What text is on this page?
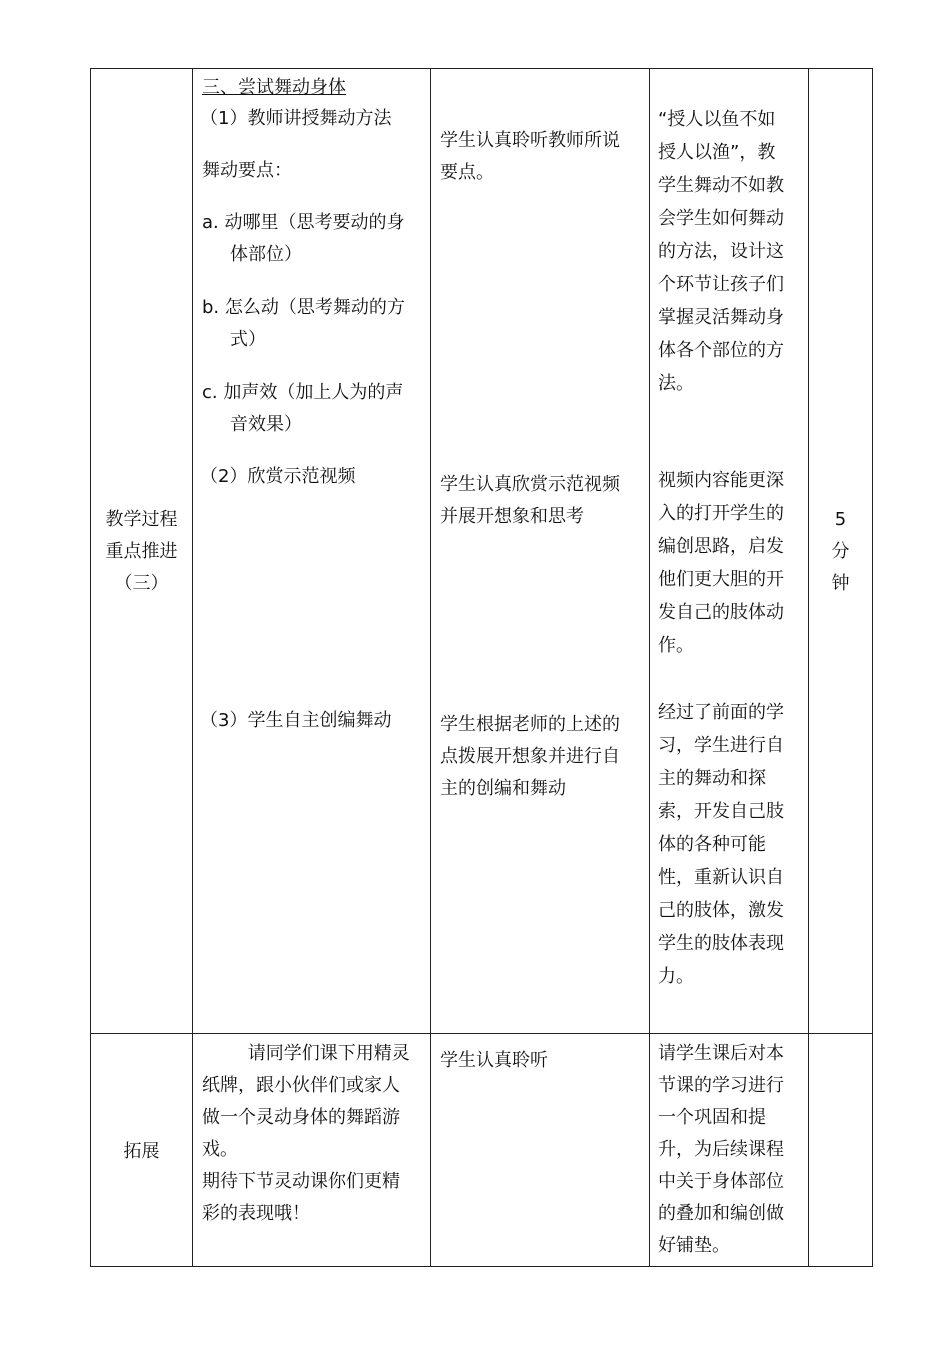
教学过程
重点推进
（三）
三、尝试舞动身体
（1）教师讲授舞动方法
舞动要点：
a. 动哪里（思考要动的身
体部位）
b. 怎么动（思考舞动的方
式）
c. 加声效（加上人为的声
音效果）
（2）欣赏示范视频
（3）学生自主创编舞动
学生认真聆听教师所说
要点。
学生认真欣赏示范视频
并展开想象和思考
学生根据老师的上述的
点拨展开想象并进行自
主的创编和舞动
“授人以鱼不如
授人以渔”，教
学生舞动不如教
会学生如何舞动
的方法，设计这
个环节让孩子们
掌握灵活舞动身
体各个部位的方
法。
视频内容能更深
入的打开学生的
编创思路，启发
他们更大胆的开
发自己的肢体动
作。
经过了前面的学
习，学生进行自
主的舞动和探
索，开发自己肢
体的各种可能
性，重新认识自
己的肢体，激发
学生的肢体表现
力。
5
分
钟
拓展
请同学们课下用精灵
纸牌，跟小伙伴们或家人
做一个灵动身体的舞蹈游
戏。
期待下节灵动课你们更精
彩的表现哦！
学生认真聆听	请学生课后对本
节课的学习进行
一个巩固和提
升，为后续课程
中关于身体部位
的叠加和编创做
好铺垫。
